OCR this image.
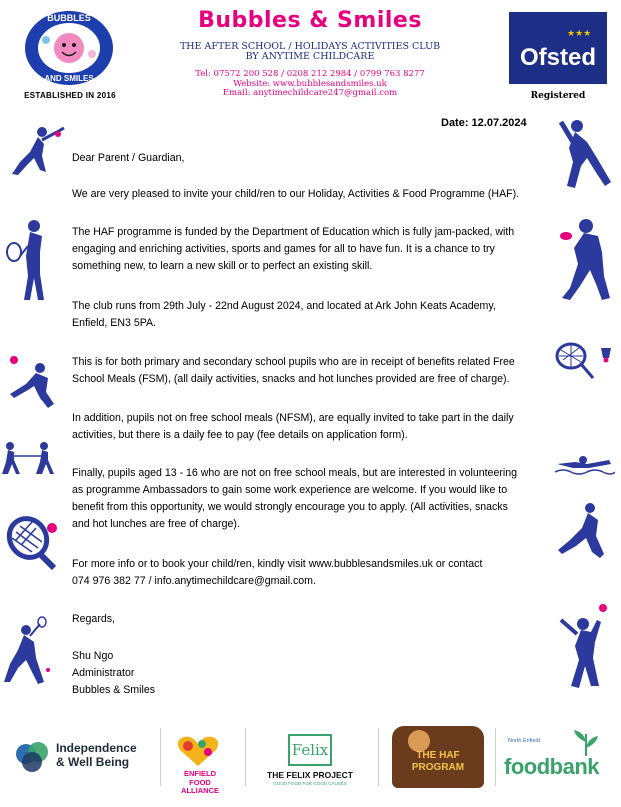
BUBBLES
AND SMILES
ESTABLISHED IN 2016
Bubbles & Smiles
THE AFTER SCHOOL / HOLIDAYS ACTIVITIES CLUB
BY ANYTIME CHILDCARE
Tel: 07572 200 528 / 0208 212 2984 / 0799 763 8277
Website: www.bubblesandsmiles.uk
Email: anytimechildcare247@gmail.com
★★★
Ofsted
Registered
Date: 12.07.2024
Dear Parent / Guardian,
We are very pleased to invite your child/ren to our Holiday, Activities & Food Programme (HAF).
The HAF programme is funded by the Department of Education which is fully jam-packed, with
engaging and enriching activities, sports and games for all to have fun. It is a chance to try
something new, to learn a new skill or to perfect an existing skill.
The club runs from 29th July - 22nd August 2024, and located at Ark John Keats Academy,
Enfield, EN3 5PA.
This is for both primary and secondary school pupils who are in receipt of benefits related Free
School Meals (FSM), (all daily activities, snacks and hot lunches provided are free of charge).
In addition, pupils not on free school meals (NFSM), are equally invited to take part in the daily
activities, but there is a daily fee to pay (fee details on application form).
Finally, pupils aged 13 - 16 who are not on free school meals, but are interested in volunteering
as programme Ambassadors to gain some work experience are welcome. If you would like to
benefit from this opportunity, we would strongly encourage you to apply. (All activities, snacks
and hot lunches are free of charge).
For more info or to book your child/ren, kindly visit www.bubblesandsmiles.uk or contact
074 976 382 77 / info.anytimechildcare@gmail.com.
Regards,
Shu Ngo
Administrator
Bubbles & Smiles
Independence
& Well Being
ENFIELD
FOOD ALLIANCE
Felix
THE FELIX PROJECT
GOOD FOOD FOR GOOD CAUSES
THE HAF
PROGRAM
North Enfield
foodbank
